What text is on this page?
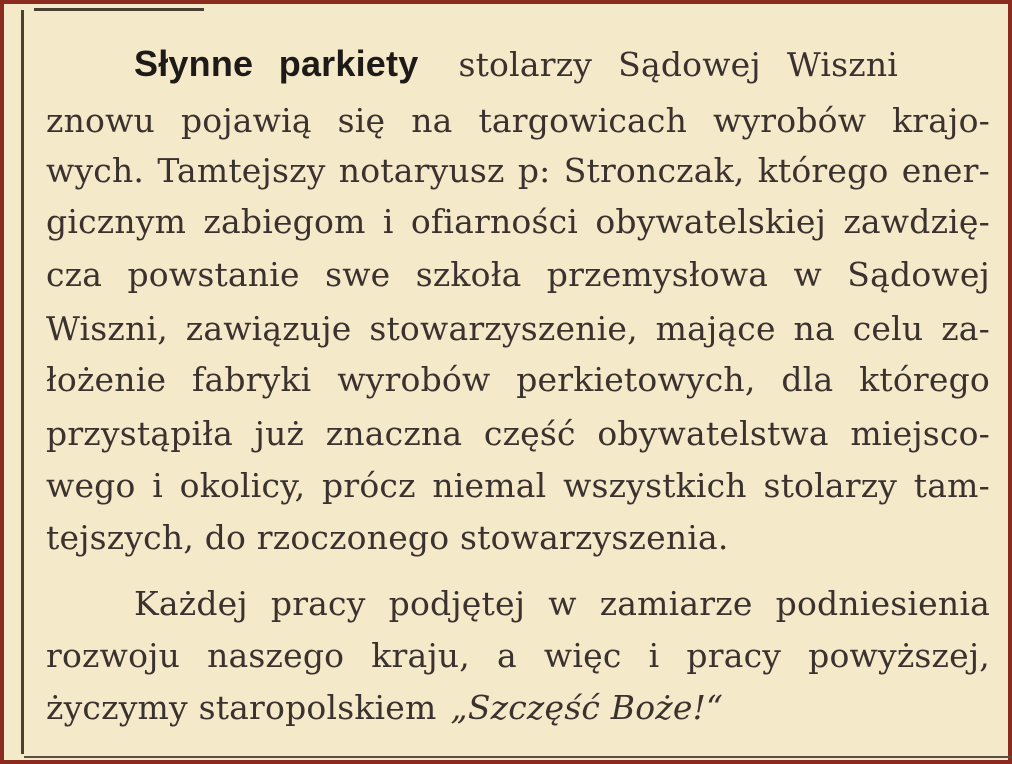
Słynne parkiety stolarzy Sądowej Wiszni
znowu pojawią się na targowicach wyrobów krajo-
wych. Tamtejszy notaryusz p: Stronczak, którego ener-
gicznym zabiegom i ofiarności obywatelskiej zawdzię-
cza powstanie swe szkoła przemysłowa w Sądowej
Wiszni, zawiązuje stowarzyszenie, mające na celu za-
łożenie fabryki wyrobów perkietowych, dla którego
przystąpiła już znaczna część obywatelstwa miejsco-
wego i okolicy, prócz niemal wszystkich stolarzy tam-
tejszych, do rzoczonego stowarzyszenia.
Każdej pracy podjętej w zamiarze podniesienia
rozwoju naszego kraju, a więc i pracy powyższej,
życzymy staropolskiem „Szczęść Boże!“
